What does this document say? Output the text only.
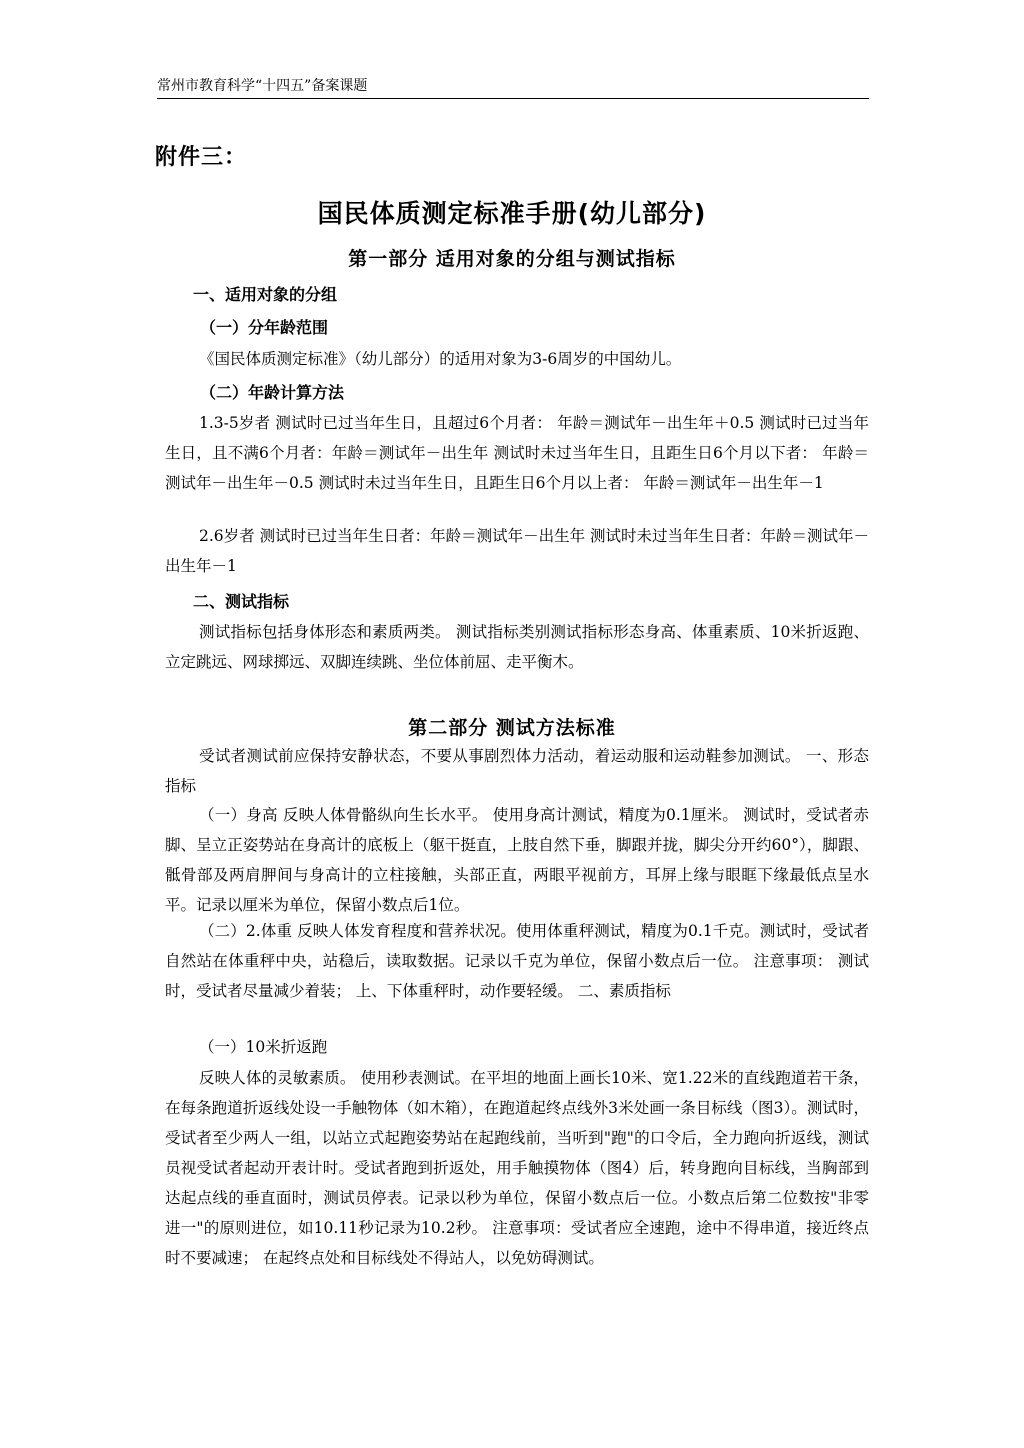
常州市教育科学“十四五”备案课题
附件三：
国民体质测定标准手册(幼儿部分)
第一部分 适用对象的分组与测试指标
一、适用对象的分组
（一）分年龄范围
《国民体质测定标准》（幼儿部分）的适用对象为3-6周岁的中国幼儿。
（二）年龄计算方法
1.3-5岁者 测试时已过当年生日，且超过6个月者： 年龄＝测试年－出生年＋0.5 测试时已过当年生日，且不满6个月者：年龄＝测试年－出生年 测试时未过当年生日，且距生日6个月以下者： 年龄＝测试年－出生年－0.5 测试时未过当年生日，且距生日6个月以上者： 年龄＝测试年－出生年－1
2.6岁者 测试时已过当年生日者：年龄＝测试年－出生年 测试时未过当年生日者：年龄＝测试年－出生年－1
二、测试指标
测试指标包括身体形态和素质两类。 测试指标类别测试指标形态身高、体重素质、10米折返跑、立定跳远、网球掷远、双脚连续跳、坐位体前屈、走平衡木。
第二部分 测试方法标准
受试者测试前应保持安静状态，不要从事剧烈体力活动，着运动服和运动鞋参加测试。 一、形态指标
（一）身高 反映人体骨骼纵向生长水平。 使用身高计测试，精度为0.1厘米。 测试时，受试者赤脚、呈立正姿势站在身高计的底板上（躯干挺直，上肢自然下垂，脚跟并拢，脚尖分开约60°），脚跟、骶骨部及两肩胛间与身高计的立柱接触，头部正直，两眼平视前方，耳屏上缘与眼眶下缘最低点呈水平。记录以厘米为单位，保留小数点后1位。
（二）2.体重 反映人体发育程度和营养状况。使用体重秤测试，精度为0.1千克。测试时，受试者自然站在体重秤中央，站稳后，读取数据。记录以千克为单位，保留小数点后一位。 注意事项： 测试时，受试者尽量减少着装； 上、下体重秤时，动作要轻缓。 二、素质指标
（一）10米折返跑
反映人体的灵敏素质。 使用秒表测试。在平坦的地面上画长10米、宽1.22米的直线跑道若干条，在每条跑道折返线处设一手触物体（如木箱），在跑道起终点线外3米处画一条目标线（图3）。测试时，受试者至少两人一组，以站立式起跑姿势站在起跑线前，当听到"跑"的口令后，全力跑向折返线，测试员视受试者起动开表计时。受试者跑到折返处，用手触摸物体（图4）后，转身跑向目标线，当胸部到达起点线的垂直面时，测试员停表。记录以秒为单位，保留小数点后一位。小数点后第二位数按"非零进一"的原则进位，如10.11秒记录为10.2秒。 注意事项：受试者应全速跑，途中不得串道，接近终点时不要减速； 在起终点处和目标线处不得站人，以免妨碍测试。
